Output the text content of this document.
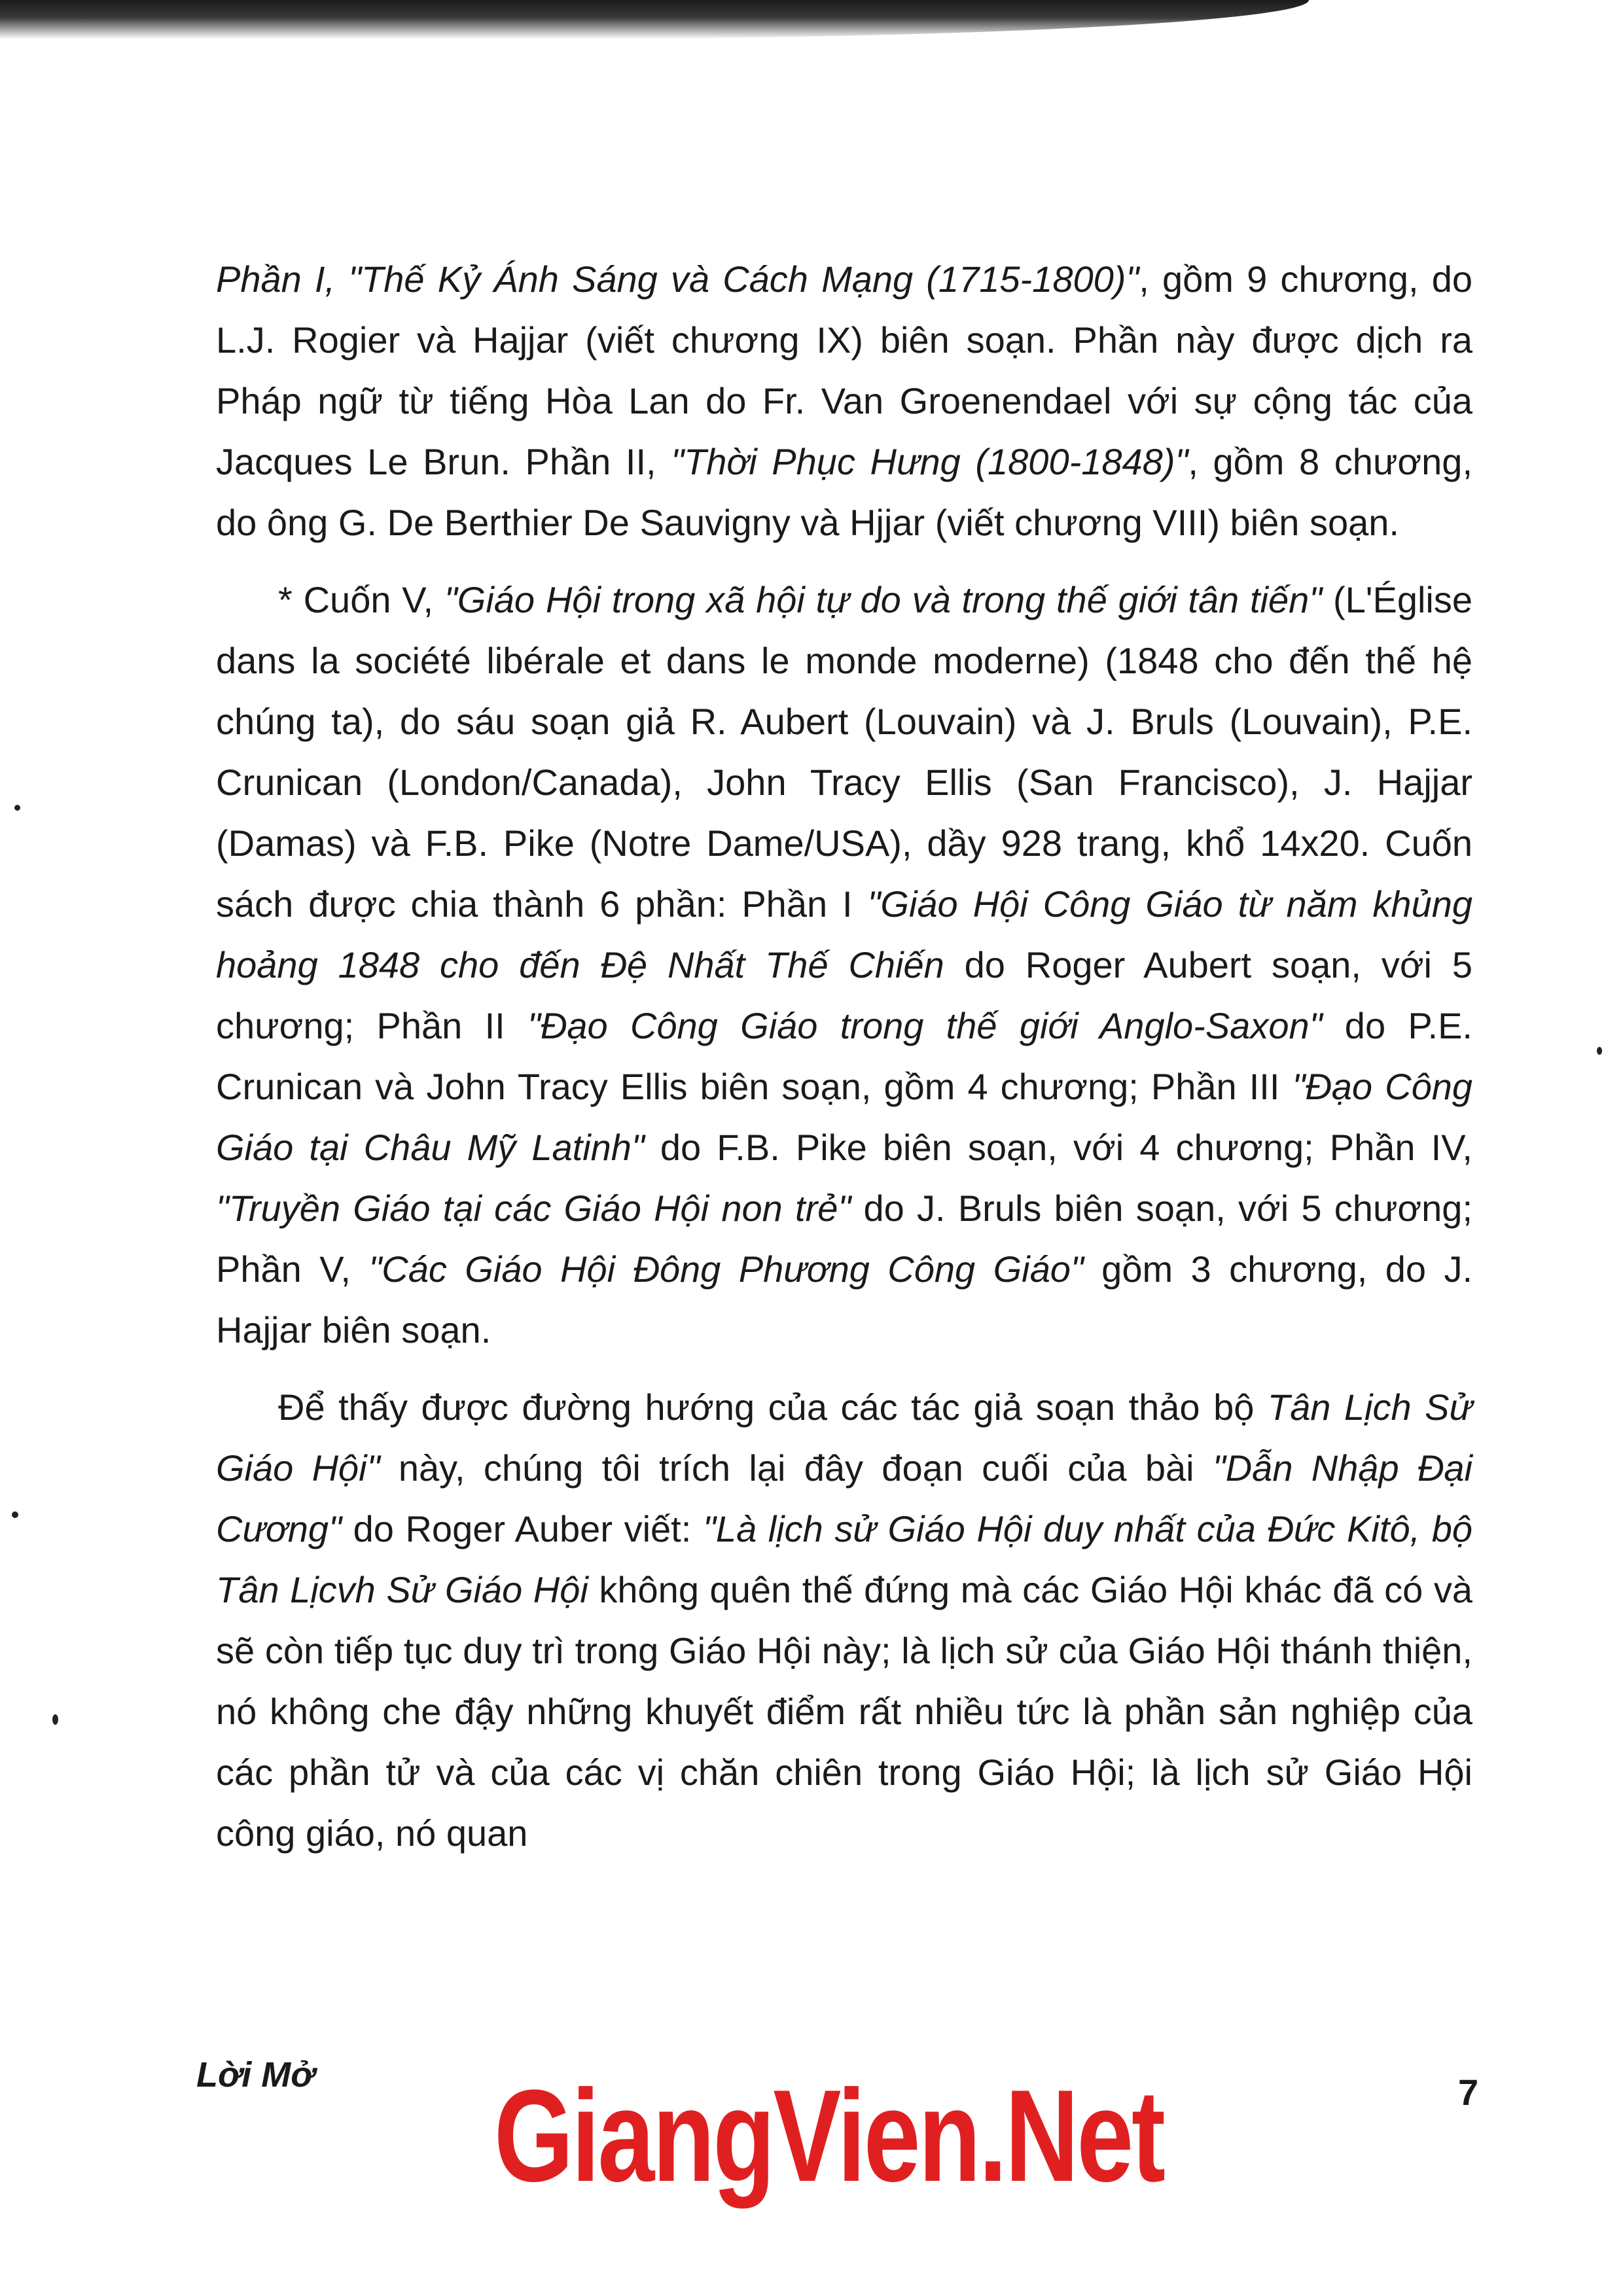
Phần I, "Thế Kỷ Ánh Sáng và Cách Mạng (1715-1800)", gồm 9 chương, do L.J. Rogier và Hajjar (viết chương IX) biên soạn. Phần này được dịch ra Pháp ngữ từ tiếng Hòa Lan do Fr. Van Groenendael với sự cộng tác của Jacques Le Brun. Phần II, "Thời Phục Hưng (1800-1848)", gồm 8 chương, do ông G. De Berthier De Sauvigny và Hjjar (viết chương VIII) biên soạn.

* Cuốn V, "Giáo Hội trong xã hội tự do và trong thế giới tân tiến" (L'Église dans la société libérale et dans le monde moderne) (1848 cho đến thế hệ chúng ta), do sáu soạn giả R. Aubert (Louvain) và J. Bruls (Louvain), P.E. Crunican (London/Canada), John Tracy Ellis (San Francisco), J. Hajjar (Damas) và F.B. Pike (Notre Dame/USA), dầy 928 trang, khổ 14x20. Cuốn sách được chia thành 6 phần: Phần I "Giáo Hội Công Giáo từ năm khủng hoảng 1848 cho đến Đệ Nhất Thế Chiến do Roger Aubert soạn, với 5 chương; Phần II "Đạo Công Giáo trong thế giới Anglo-Saxon" do P.E. Crunican và John Tracy Ellis biên soạn, gồm 4 chương; Phần III "Đạo Công Giáo tại Châu Mỹ Latinh" do F.B. Pike biên soạn, với 4 chương; Phần IV, "Truyền Giáo tại các Giáo Hội non trẻ" do J. Bruls biên soạn, với 5 chương; Phần V, "Các Giáo Hội Đông Phương Công Giáo" gồm 3 chương, do J. Hajjar biên soạn.

Để thấy được đường hướng của các tác giả soạn thảo bộ Tân Lịch Sử Giáo Hội" này, chúng tôi trích lại đây đoạn cuối của bài "Dẫn Nhập Đại Cương" do Roger Auber viết: "Là lịch sử Giáo Hội duy nhất của Đức Kitô, bộ Tân Lịcvh Sử Giáo Hội không quên thế đứng mà các Giáo Hội khác đã có và sẽ còn tiếp tục duy trì trong Giáo Hội này; là lịch sử của Giáo Hội thánh thiện, nó không che đậy những khuyết điểm rất nhiều tức là phần sản nghiệp của các phần tử và của các vị chăn chiên trong Giáo Hội; là lịch sử Giáo Hội công giáo, nó quan

Lời Mở	7
GiangVien.Net
